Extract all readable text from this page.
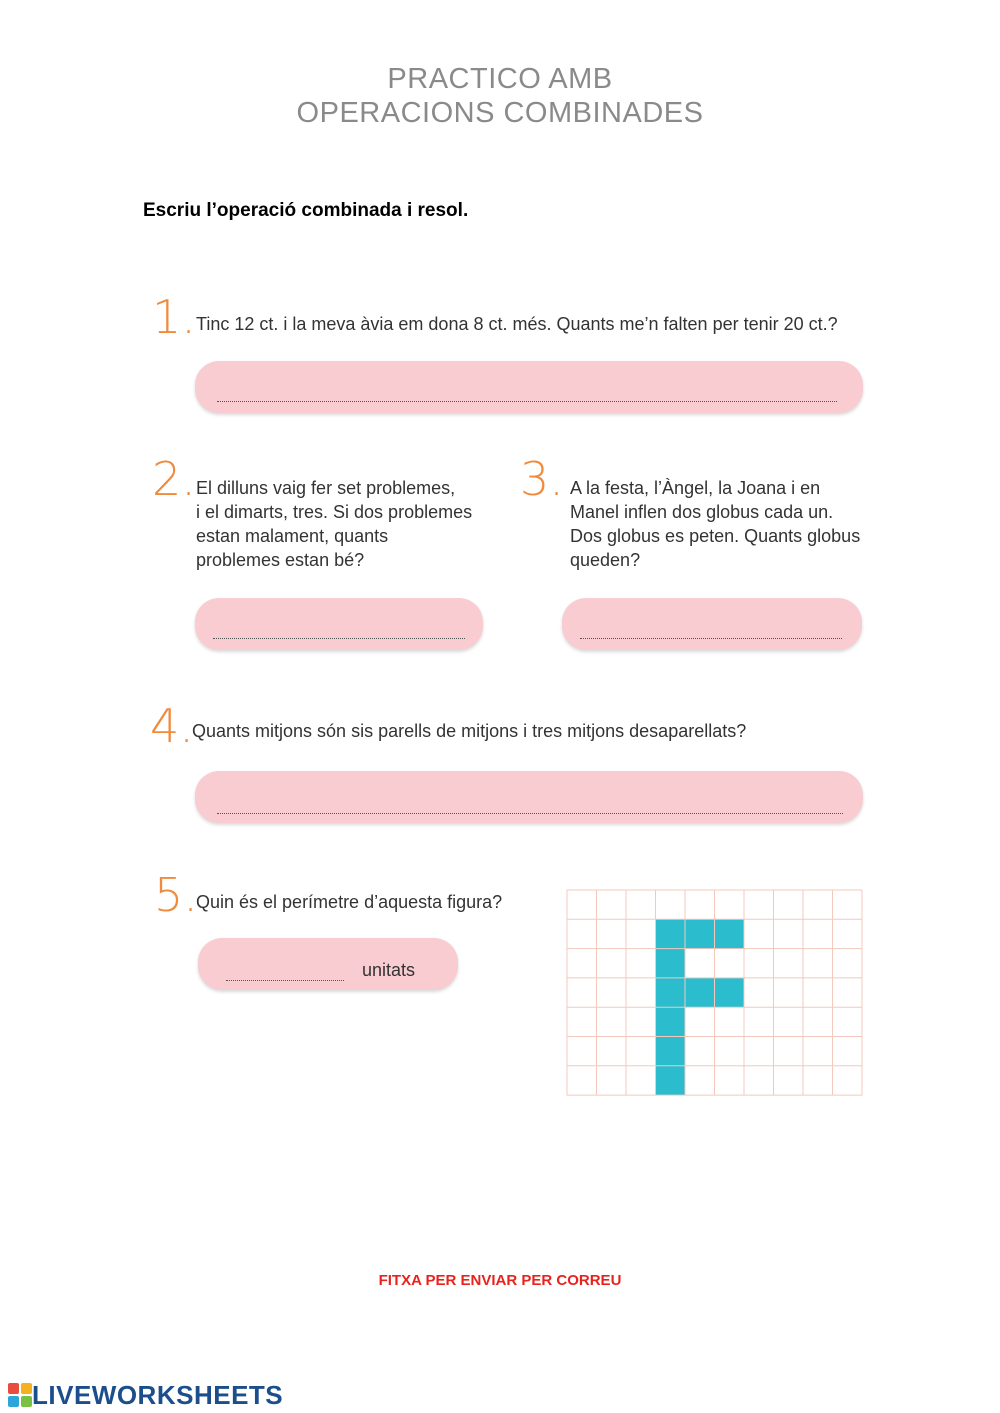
PRACTICO AMB
OPERACIONS COMBINADES
Escriu l’operació combinada i resol.
1. Tinc 12 ct. i la meva àvia em dona 8 ct. més. Quants me’n falten per tenir 20 ct.?
2. El dilluns vaig fer set problemes,
i el dimarts, tres. Si dos problemes
estan malament, quants
problemes estan bé?
3. A la festa, l’Àngel, la Joana i en
Manel inflen dos globus cada un.
Dos globus es peten. Quants globus
queden?
4.
Quants mitjons són sis parells de mitjons i tres mitjons desaparellats?
5.
Quin és el perímetre d’aquesta figura?
unitats
FITXA PER ENVIAR PER CORREU
LIVEWORKSHEETS
